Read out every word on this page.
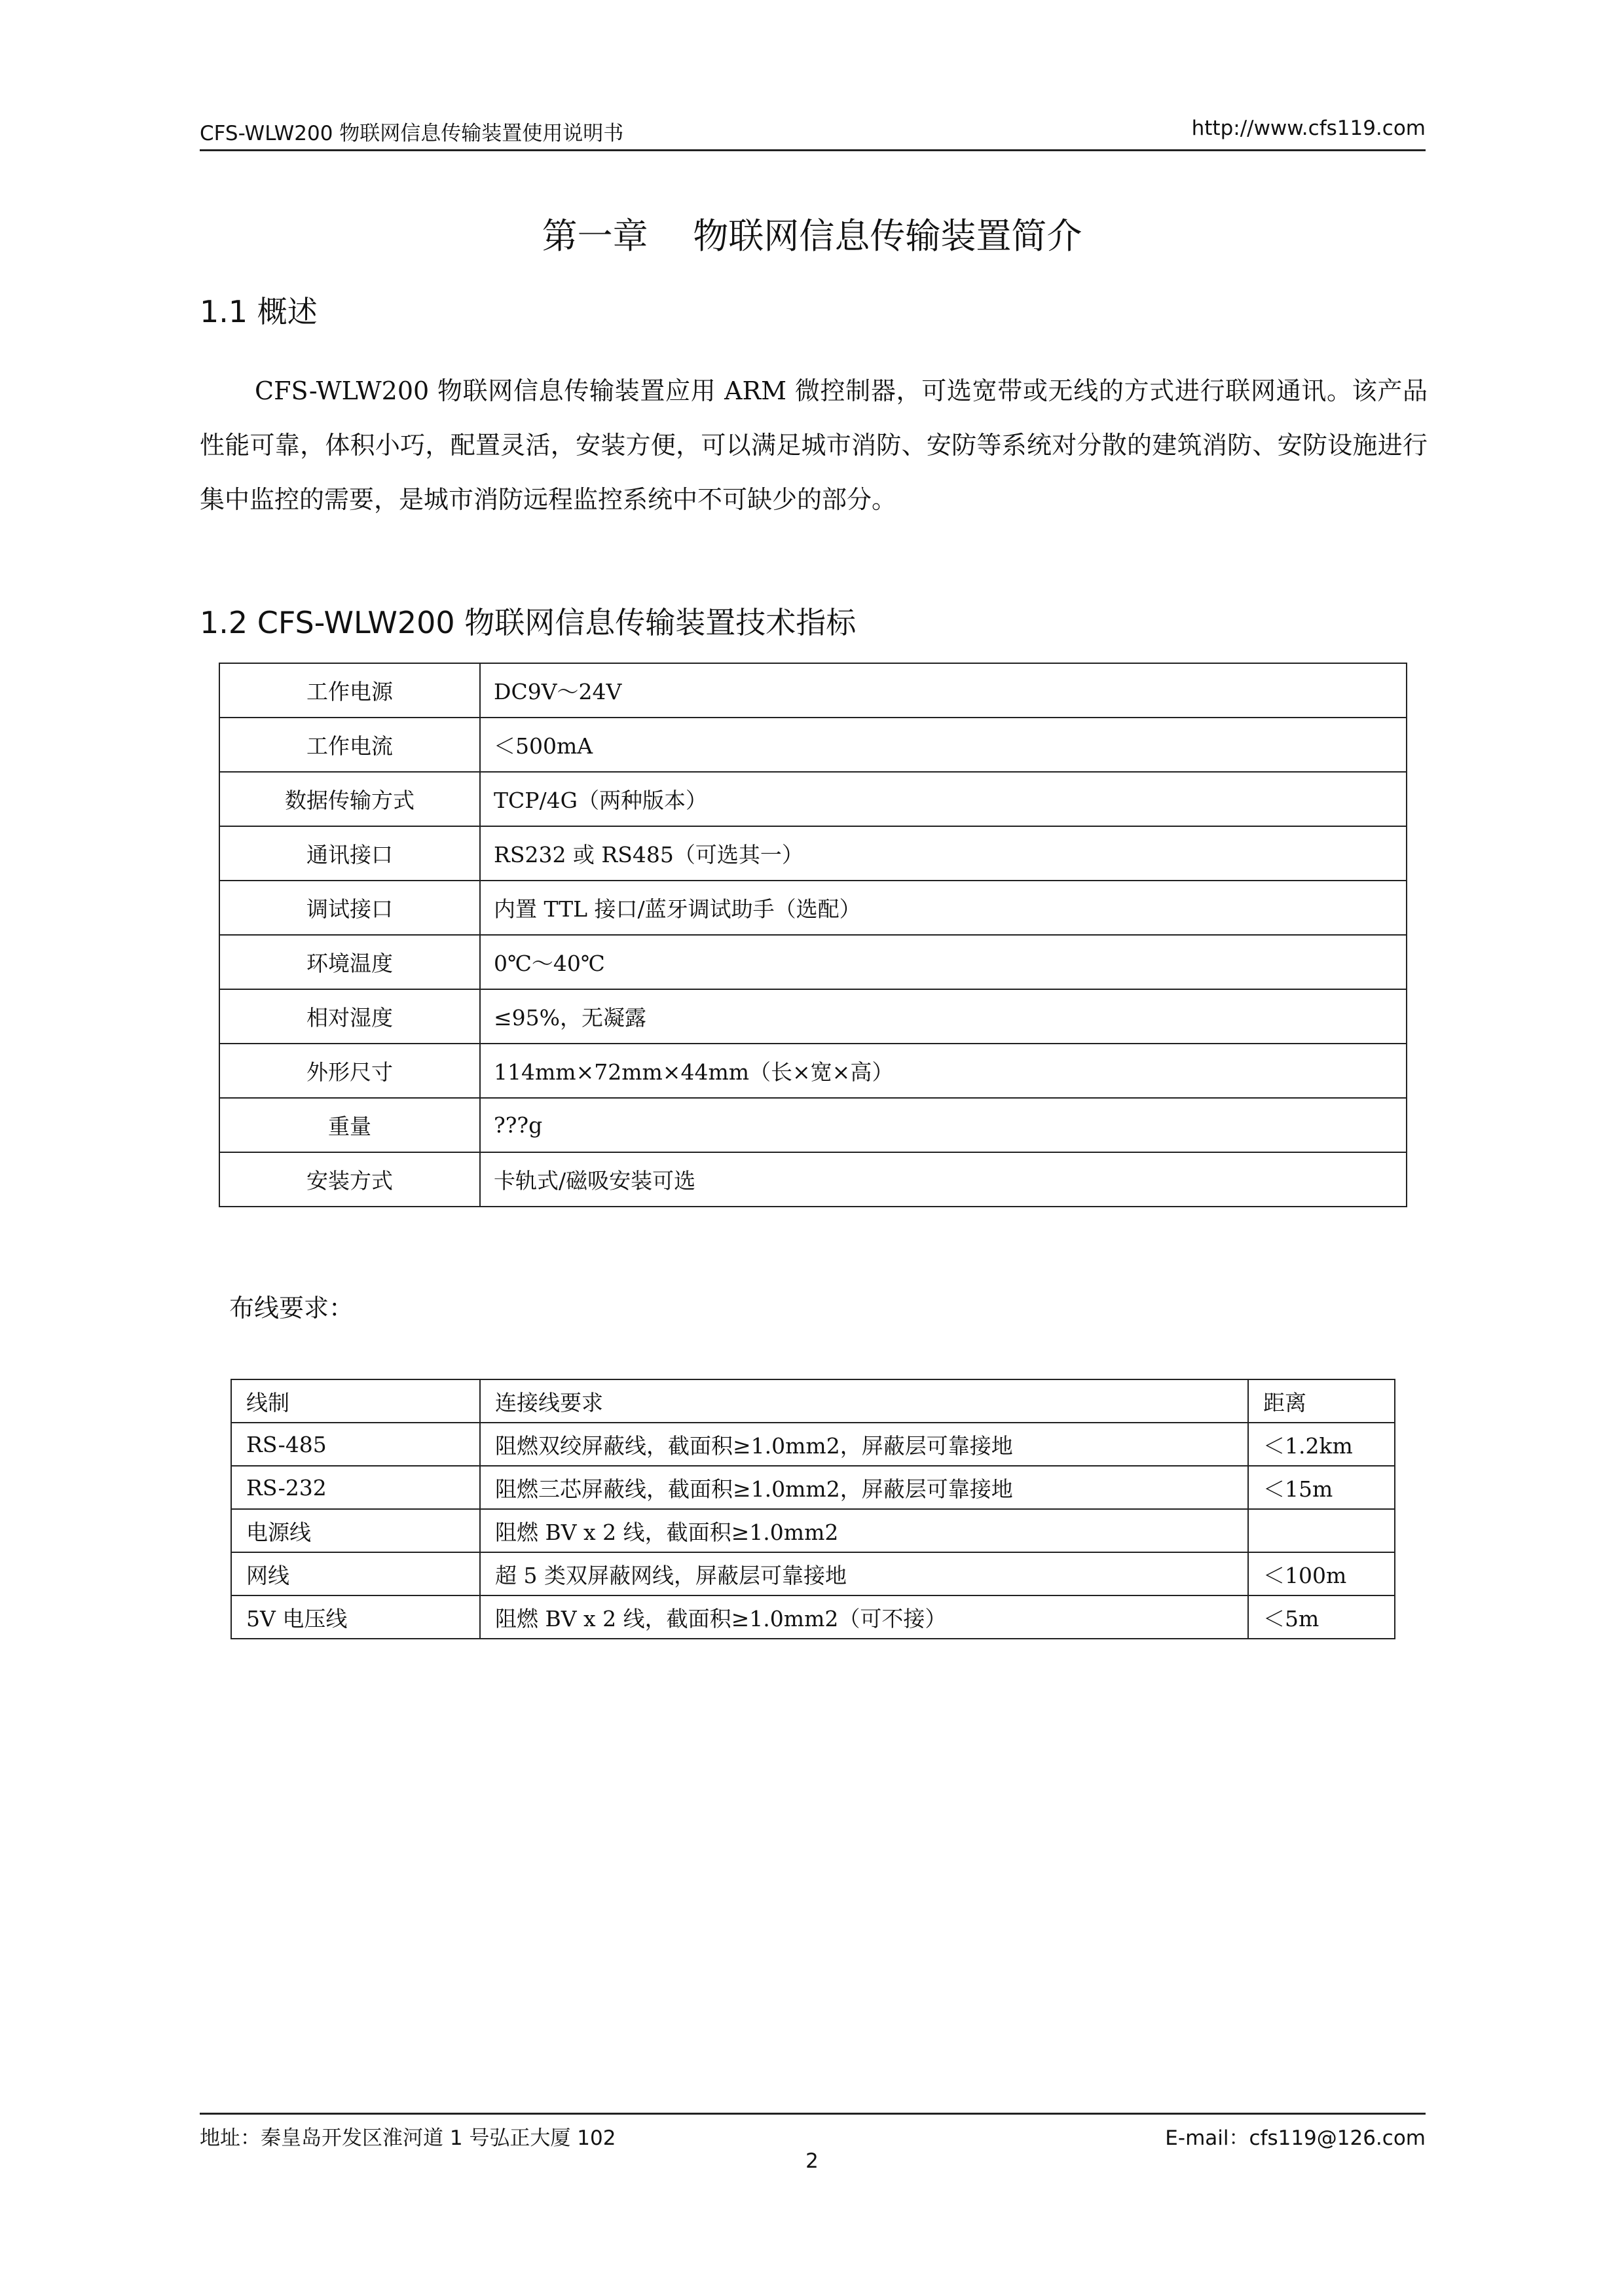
CFS-WLW200 物联网信息传输装置使用说明书	http://www.cfs119.com
第一章    物联网信息传输装置简介
1.1 概述

CFS-WLW200 物联网信息传输装置应用 ARM 微控制器，可选宽带或无线的方式进行联网通讯。该产品性能可靠，体积小巧，配置灵活，安装方便，可以满足城市消防、安防等系统对分散的建筑消防、安防设施进行集中监控的需要，是城市消防远程监控系统中不可缺少的部分。

1.2 CFS-WLW200 物联网信息传输装置技术指标
工作电源	DC9V～24V
工作电流	＜500mA
数据传输方式	TCP/4G（两种版本）
通讯接口	RS232 或 RS485（可选其一）
调试接口	内置 TTL 接口/蓝牙调试助手（选配）
环境温度	0℃～40℃
相对湿度	≤95%，无凝露
外形尺寸	114mm×72mm×44mm（长×宽×高）
重量	???g
安装方式	卡轨式/磁吸安装可选
布线要求：
线制	连接线要求	距离
RS-485	阻燃双绞屏蔽线，截面积≥1.0mm2，屏蔽层可靠接地	＜1.2km
RS-232	阻燃三芯屏蔽线，截面积≥1.0mm2，屏蔽层可靠接地	＜15m
电源线	阻燃 BV x 2 线，截面积≥1.0mm2	
网线	超 5 类双屏蔽网线，屏蔽层可靠接地	＜100m
5V 电压线	阻燃 BV x 2 线，截面积≥1.0mm2（可不接）	＜5m
地址：秦皇岛开发区淮河道 1 号弘正大厦 102	E-mail：cfs119@126.com
2
